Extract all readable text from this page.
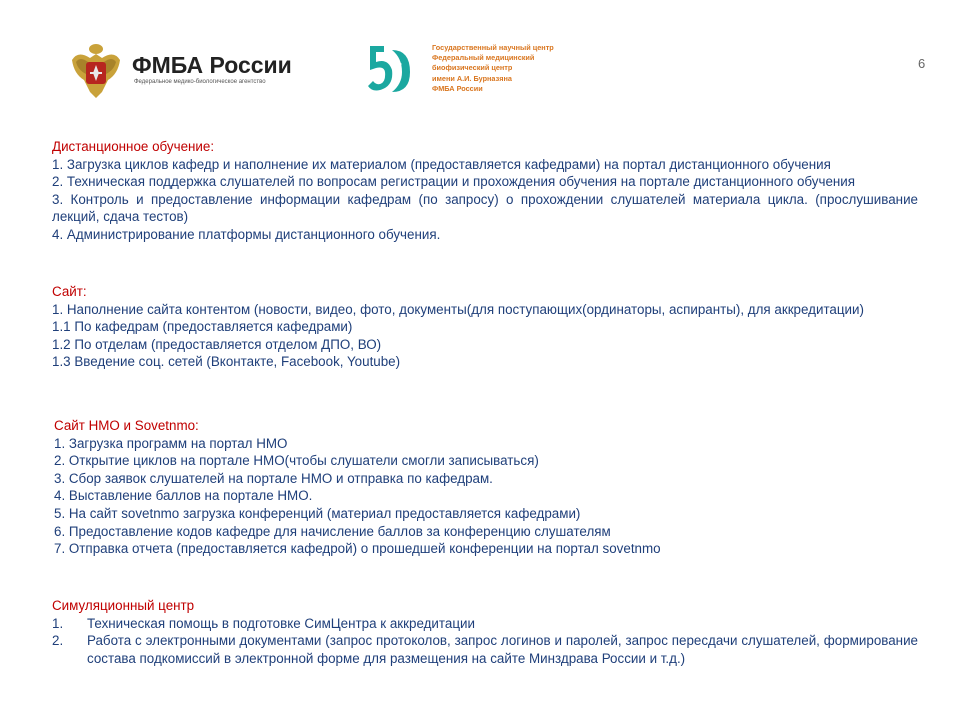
ФМБА России
Федеральное медико-биологическое агентство
Государственный научный центр
Федеральный медицинский
биофизический центр
имени А.И. Бурназяна
ФМБА России
6
Дистанционное обучение:
1. Загрузка циклов кафедр и наполнение их материалом (предоставляется кафедрами) на портал дистанционного обучения
2. Техническая поддержка слушателей по вопросам регистрации и прохождения обучения на портале дистанционного обучения
3. Контроль и предоставление информации кафедрам (по запросу) о прохождении слушателей материала цикла. (прослушивание лекций, сдача тестов)
4. Администрирование платформы дистанционного обучения.
Сайт:
1. Наполнение сайта контентом (новости, видео, фото, документы(для поступающих(ординаторы, аспиранты), для аккредитации)
1.1 По кафедрам (предоставляется кафедрами)
1.2 По отделам (предоставляется отделом ДПО, ВО)
1.3 Введение соц. сетей (Вконтакте, Facebook, Youtube)
Сайт НМО и Sovetnmo:
1. Загрузка программ на портал НМО
2. Открытие циклов на портале НМО(чтобы слушатели смогли записываться)
3. Сбор заявок слушателей на портале НМО и отправка по кафедрам.
4. Выставление баллов на портале НМО.
5. На сайт sovetnmo загрузка конференций (материал предоставляется кафедрами)
6. Предоставление кодов кафедре для начисление баллов за конференцию слушателям
7. Отправка отчета (предоставляется кафедрой) о прошедшей конференции на портал sovetnmo
Симуляционный центр
1.	Техническая помощь в подготовке СимЦентра к аккредитации
2.	Работа с электронными документами (запрос протоколов, запрос логинов и паролей, запрос пересдачи слушателей, формирование состава подкомиссий в электронной форме для размещения на сайте Минздрава России и т.д.)
